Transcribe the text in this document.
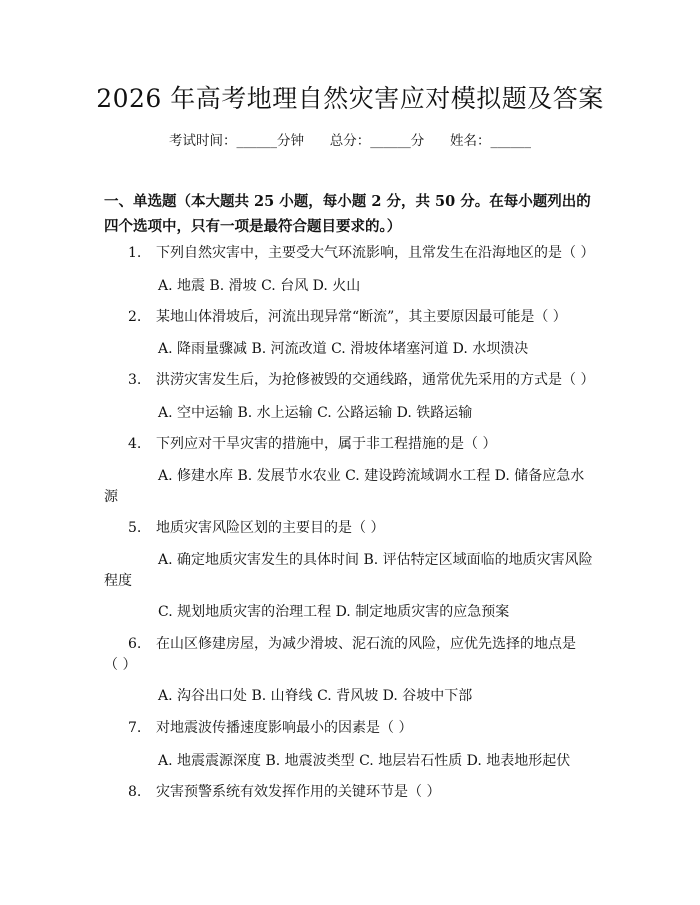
2026 年高考地理自然灾害应对模拟题及答案
考试时间：______分钟 总分：______分 姓名：______
一、单选题（本大题共 25 小题，每小题 2 分，共 50 分。在每小题列出的四个选项中，只有一项是最符合题目要求的。）
1. 下列自然灾害中，主要受大气环流影响，且常发生在沿海地区的是（ ）
A. 地震 B. 滑坡 C. 台风 D. 火山
2. 某地山体滑坡后，河流出现异常“断流”，其主要原因最可能是（ ）
A. 降雨量骤减 B. 河流改道 C. 滑坡体堵塞河道 D. 水坝溃决
3. 洪涝灾害发生后，为抢修被毁的交通线路，通常优先采用的方式是（ ）
A. 空中运输 B. 水上运输 C. 公路运输 D. 铁路运输
4. 下列应对干旱灾害的措施中，属于非工程措施的是（ ）
A. 修建水库 B. 发展节水农业 C. 建设跨流域调水工程 D. 储备应急水
源
5. 地质灾害风险区划的主要目的是（ ）
A. 确定地质灾害发生的具体时间 B. 评估特定区域面临的地质灾害风险
程度
C. 规划地质灾害的治理工程 D. 制定地质灾害的应急预案
6. 在山区修建房屋，为减少滑坡、泥石流的风险，应优先选择的地点是
（ ）
A. 沟谷出口处 B. 山脊线 C. 背风坡 D. 谷坡中下部
7. 对地震波传播速度影响最小的因素是（ ）
A. 地震震源深度 B. 地震波类型 C. 地层岩石性质 D. 地表地形起伏
8. 灾害预警系统有效发挥作用的关键环节是（ ）
